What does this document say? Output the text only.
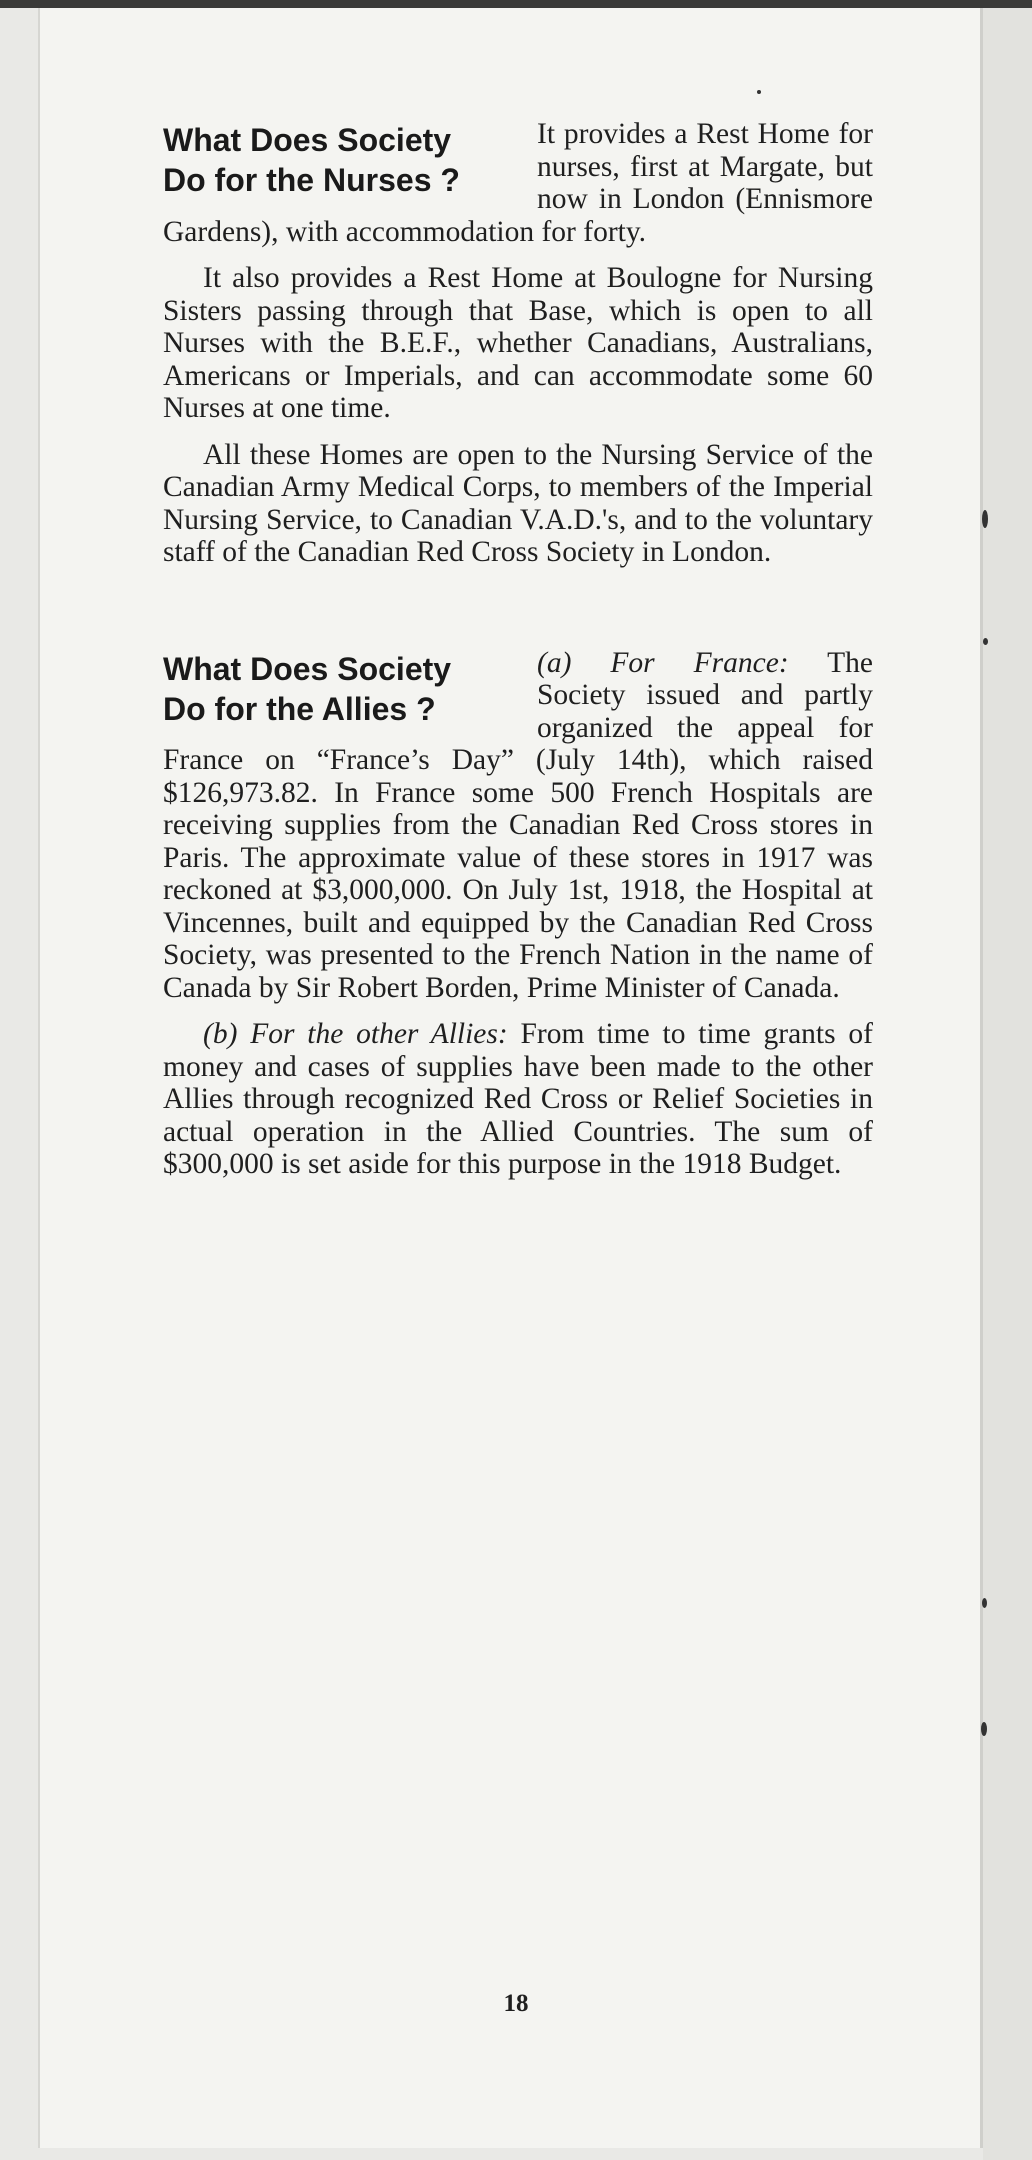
What Does Society
Do for the Nurses ?

It provides a Rest Home for nurses, first at Margate, but now in London (Ennismore Gardens), with accommodation for forty.

It also provides a Rest Home at Boulogne for Nursing Sisters passing through that Base, which is open to all Nurses with the B.E.F., whether Canadians, Australians, Americans or Imperials, and can accommodate some 60 Nurses at one time.

All these Homes are open to the Nursing Service of the Canadian Army Medical Corps, to members of the Imperial Nursing Service, to Canadian V.A.D.'s, and to the voluntary staff of the Canadian Red Cross Society in London.

What Does Society
Do for the Allies ?

(a) For France: The Society issued and partly organized the appeal for France on “France’s Day” (July 14th), which raised $126,973.82. In France some 500 French Hospitals are receiving supplies from the Canadian Red Cross stores in Paris. The approximate value of these stores in 1917 was reckoned at $3,000,000. On July 1st, 1918, the Hospital at Vincennes, built and equipped by the Canadian Red Cross Society, was presented to the French Nation in the name of Canada by Sir Robert Borden, Prime Minister of Canada.

(b) For the other Allies: From time to time grants of money and cases of supplies have been made to the other Allies through recognized Red Cross or Relief Societies in actual operation in the Allied Countries. The sum of $300,000 is set aside for this purpose in the 1918 Budget.

18
